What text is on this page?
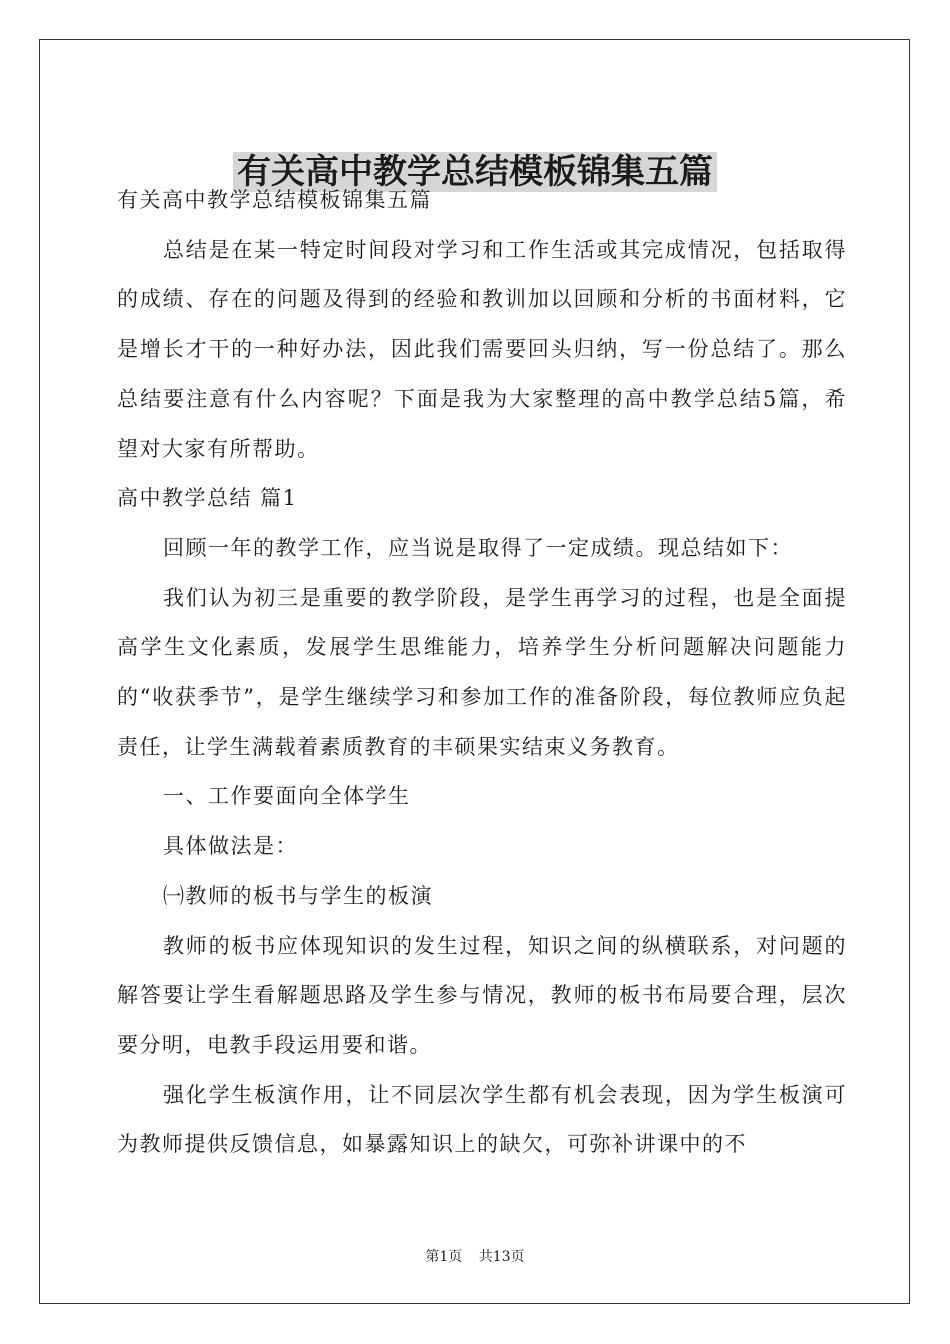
有关高中教学总结模板锦集五篇

有关高中教学总结模板锦集五篇

总结是在某一特定时间段对学习和工作生活或其完成情况，包括取得的成绩、存在的问题及得到的经验和教训加以回顾和分析的书面材料，它是增长才干的一种好办法，因此我们需要回头归纳，写一份总结了。那么总结要注意有什么内容呢？下面是我为大家整理的高中教学总结5篇，希望对大家有所帮助。

高中教学总结 篇1

回顾一年的教学工作，应当说是取得了一定成绩。现总结如下：

我们认为初三是重要的教学阶段，是学生再学习的过程，也是全面提高学生文化素质，发展学生思维能力，培养学生分析问题解决问题能力的“收获季节”，是学生继续学习和参加工作的准备阶段，每位教师应负起责任，让学生满载着素质教育的丰硕果实结束义务教育。

一、工作要面向全体学生

具体做法是：

㈠教师的板书与学生的板演

教师的板书应体现知识的发生过程，知识之间的纵横联系，对问题的解答要让学生看解题思路及学生参与情况，教师的板书布局要合理，层次要分明，电教手段运用要和谐。

强化学生板演作用，让不同层次学生都有机会表现，因为学生板演可为教师提供反馈信息，如暴露知识上的缺欠，可弥补讲课中的不

第1页 共13页
